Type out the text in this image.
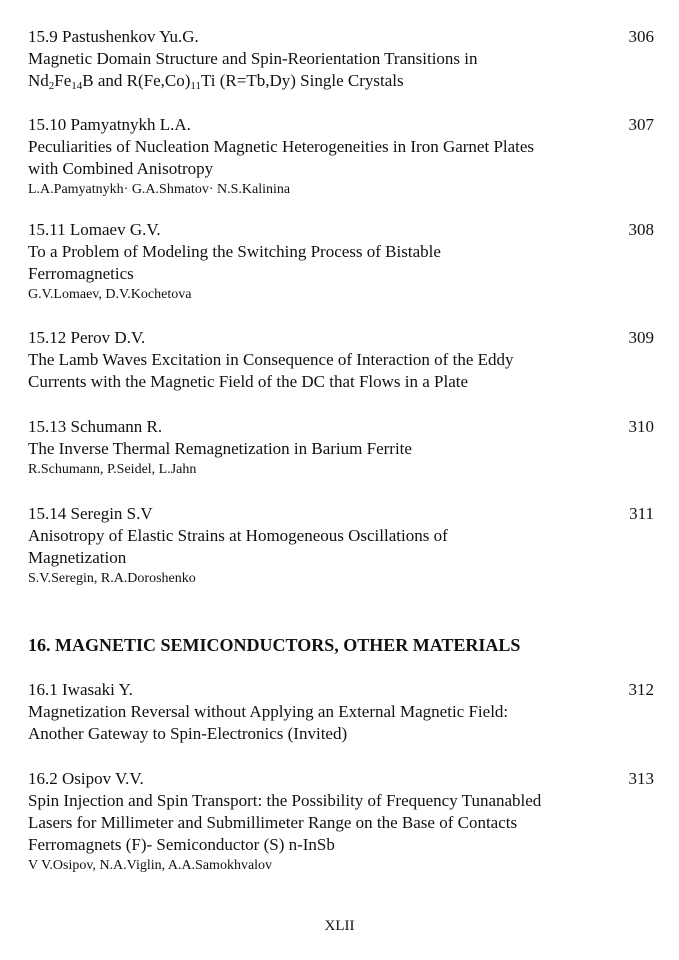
15.9 Pastushenkov Yu.G.	306
Magnetic Domain Structure and Spin-Reorientation Transitions in
$Nd_2Fe_{14}B$ and $R(Fe,Co)_{11}Ti$ (R=Tb,Dy) Single Crystals
15.10 Pamyatnykh L.A.	307
Peculiarities of Nucleation Magnetic Heterogeneities in Iron Garnet Plates
with Combined Anisotropy
L.A.Pamyatnykh· G.A.Shmatov· N.S.Kalinina
15.11 Lomaev G.V.	308
To a Problem of Modeling the Switching Process of Bistable
Ferromagnetics
G.V.Lomaev, D.V.Kochetova
15.12 Perov D.V.	309
The Lamb Waves Excitation in Consequence of Interaction of the Eddy
Currents with the Magnetic Field of the DC that Flows in a Plate
15.13 Schumann R.	310
The Inverse Thermal Remagnetization in Barium Ferrite
R.Schumann, P.Seidel, L.Jahn
15.14 Seregin S.V	311
Anisotropy of Elastic Strains at Homogeneous Oscillations of
Magnetization
S.V.Seregin, R.A.Doroshenko
16. MAGNETIC SEMICONDUCTORS, OTHER MATERIALS
16.1 Iwasaki Y.	312
Magnetization Reversal without Applying an External Magnetic Field:
Another Gateway to Spin-Electronics (Invited)
16.2 Osipov V.V.	313
Spin Injection and Spin Transport: the Possibility of Frequency Tunanabled
Lasers for Millimeter and Submillimeter Range on the Base of Contacts
Ferromagnets (F)- Semiconductor (S) n-InSb
V V.Osipov, N.A.Viglin, A.A.Samokhvalov
XLII
